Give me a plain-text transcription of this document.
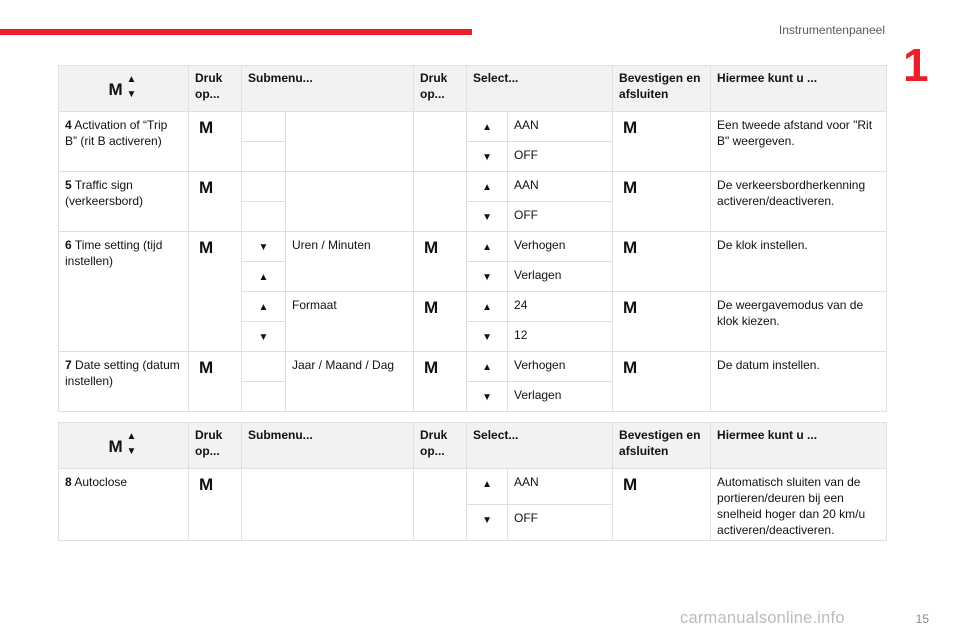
Instrumentenpaneel
1
M
▲
▼	Druk op...	Submenu...		Druk op...	Select...		Bevestigen en afsluiten	Hiermee kunt u ...
4 Activation of “Trip B” (rit B activeren)	M				▲	AAN	M	Een tweede afstand voor "Rit B" weergeven.
					▼	OFF		
5 Traffic sign (verkeersbord)	M				▲	AAN	M	De verkeersbordherkenning activeren/deactiveren.
					▼	OFF		
6 Time setting (tijd instellen)	M	▼	Uren / Minuten	M	▲	Verhogen	M	De klok instellen.
		▲			▼	Verlagen		
		▲	Formaat	M	▲	24	M	De weergavemodus van de klok kiezen.
		▼			▼	12		
7 Date setting (datum instellen)	M		Jaar / Maand / Dag	M	▲	Verhogen	M	De datum instellen.
					▼	Verlagen		
M
▲
▼	Druk op...	Submenu...	Druk op...	Select...		Bevestigen en afsluiten	Hiermee kunt u ...
8 Autoclose	M			▲	AAN	M	Automatisch sluiten van de portieren/deuren bij een snelheid hoger dan 20 km/u activeren/deactiveren.
				▼	OFF		
carmanualsonline.info	15
